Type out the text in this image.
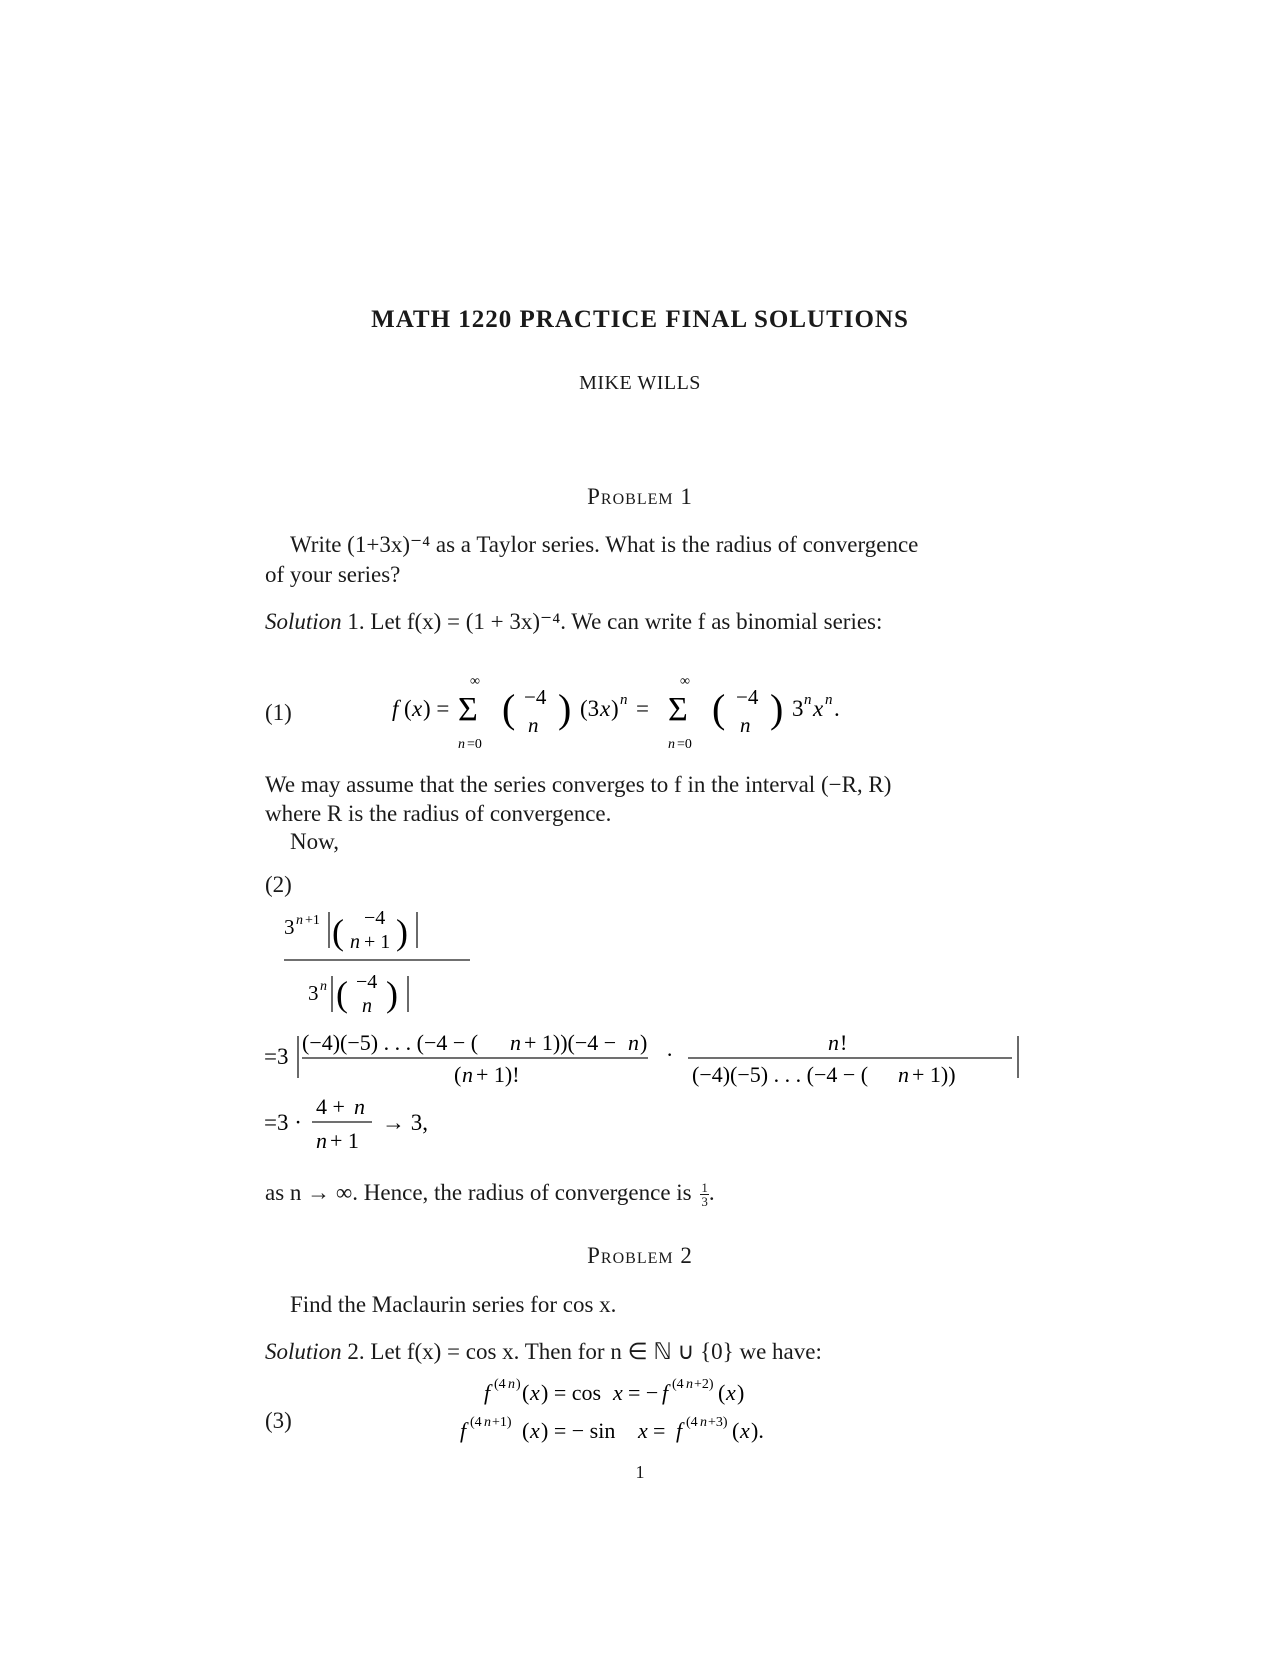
MATH 1220 PRACTICE FINAL SOLUTIONS
MIKE WILLS
Problem 1
Write (1+3x)⁻⁴ as a Taylor series. What is the radius of convergence
of your series?
Solution 1. Let f(x) = (1 + 3x)⁻⁴. We can write f as binomial series:
(1)	f ( x ) =
∞
Σ
n =0
( −4
n ) (3 x ) n =
∞
Σ
n =0
( −4
n ) 3 n x n .
We may assume that the series converges to f in the interval (−R, R)
where R is the radius of convergence.
Now,
(2)
3 n +1 ( −4
n + 1 )
3 n ( −4
n )
=3
(−4)(−5) . . . (−4 − ( n + 1))(−4 − n )
( n + 1)!
·	n !
(−4)(−5) . . . (−4 − ( n + 1))
=3 ·
4 + n
n + 1
→ 3,
as n → ∞. Hence, the radius of convergence is $\frac{1}{3}$ .
Problem 2
Find the Maclaurin series for cos x.
Solution 2. Let f(x) = cos x. Then for n ∈ ℕ ∪ {0} we have:
(3)
f (4 n ) ( x ) = cos x = − f (4 n +2) ( x )
f (4 n +1) ( x ) = − sin x = f (4 n +3) ( x ).
1
